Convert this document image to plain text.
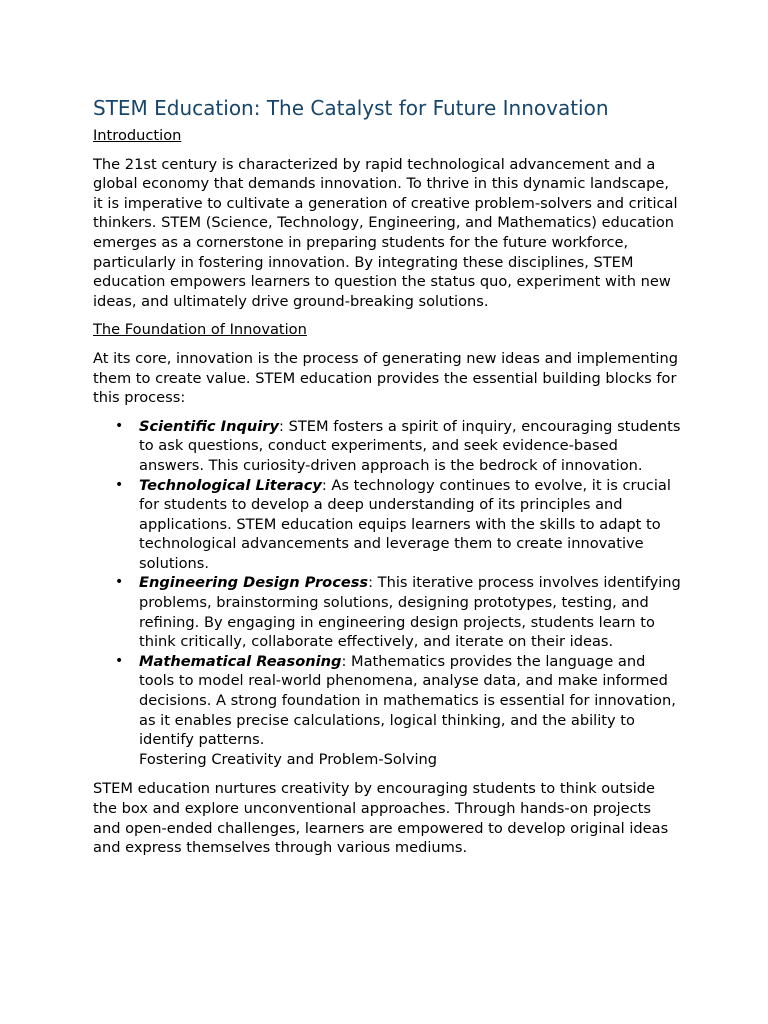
STEM Education: The Catalyst for Future Innovation
Introduction

The 21st century is characterized by rapid technological advancement and a global economy that demands innovation. To thrive in this dynamic landscape, it is imperative to cultivate a generation of creative problem-solvers and critical thinkers. STEM (Science, Technology, Engineering, and Mathematics) education emerges as a cornerstone in preparing students for the future workforce, particularly in fostering innovation. By integrating these disciplines, STEM education empowers learners to question the status quo, experiment with new ideas, and ultimately drive ground-breaking solutions.

The Foundation of Innovation

At its core, innovation is the process of generating new ideas and implementing them to create value. STEM education provides the essential building blocks for this process:

• Scientific Inquiry: STEM fosters a spirit of inquiry, encouraging students to ask questions, conduct experiments, and seek evidence-based answers. This curiosity-driven approach is the bedrock of innovation.
• Technological Literacy: As technology continues to evolve, it is crucial for students to develop a deep understanding of its principles and applications. STEM education equips learners with the skills to adapt to technological advancements and leverage them to create innovative solutions.
• Engineering Design Process: This iterative process involves identifying problems, brainstorming solutions, designing prototypes, testing, and refining. By engaging in engineering design projects, students learn to think critically, collaborate effectively, and iterate on their ideas.
• Mathematical Reasoning: Mathematics provides the language and tools to model real-world phenomena, analyse data, and make informed decisions. A strong foundation in mathematics is essential for innovation, as it enables precise calculations, logical thinking, and the ability to identify patterns.
Fostering Creativity and Problem-Solving

STEM education nurtures creativity by encouraging students to think outside the box and explore unconventional approaches. Through hands-on projects and open-ended challenges, learners are empowered to develop original ideas and express themselves through various mediums.
